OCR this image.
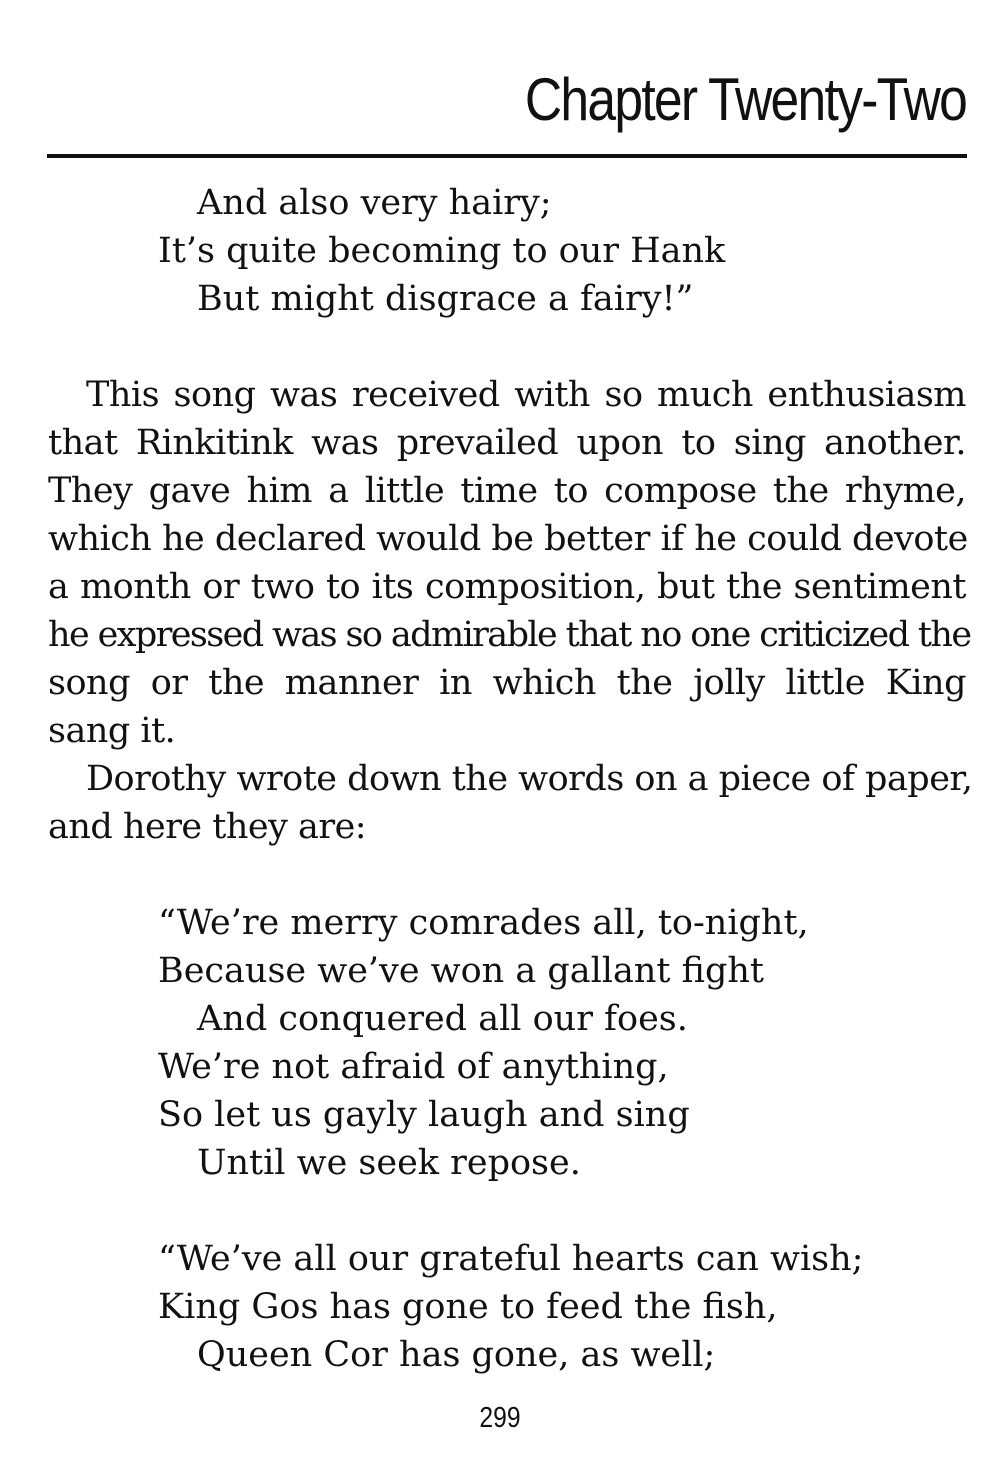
Chapter Twenty-Two
And also very hairy;
It’s quite becoming to our Hank
But might disgrace a fairy!”
This song was received with so much enthusiasm
that Rinkitink was prevailed upon to sing another.
They gave him a little time to compose the rhyme,
which he declared would be better if he could devote
a month or two to its composition, but the sentiment
he expressed was so admirable that no one criticized the
song or the manner in which the jolly little King
sang it.
Dorothy wrote down the words on a piece of paper,
and here they are:
“We’re merry comrades all, to-night,
Because we’ve won a gallant fight
And conquered all our foes.
We’re not afraid of anything,
So let us gayly laugh and sing
Until we seek repose.
“We’ve all our grateful hearts can wish;
King Gos has gone to feed the fish,
Queen Cor has gone, as well;
299
